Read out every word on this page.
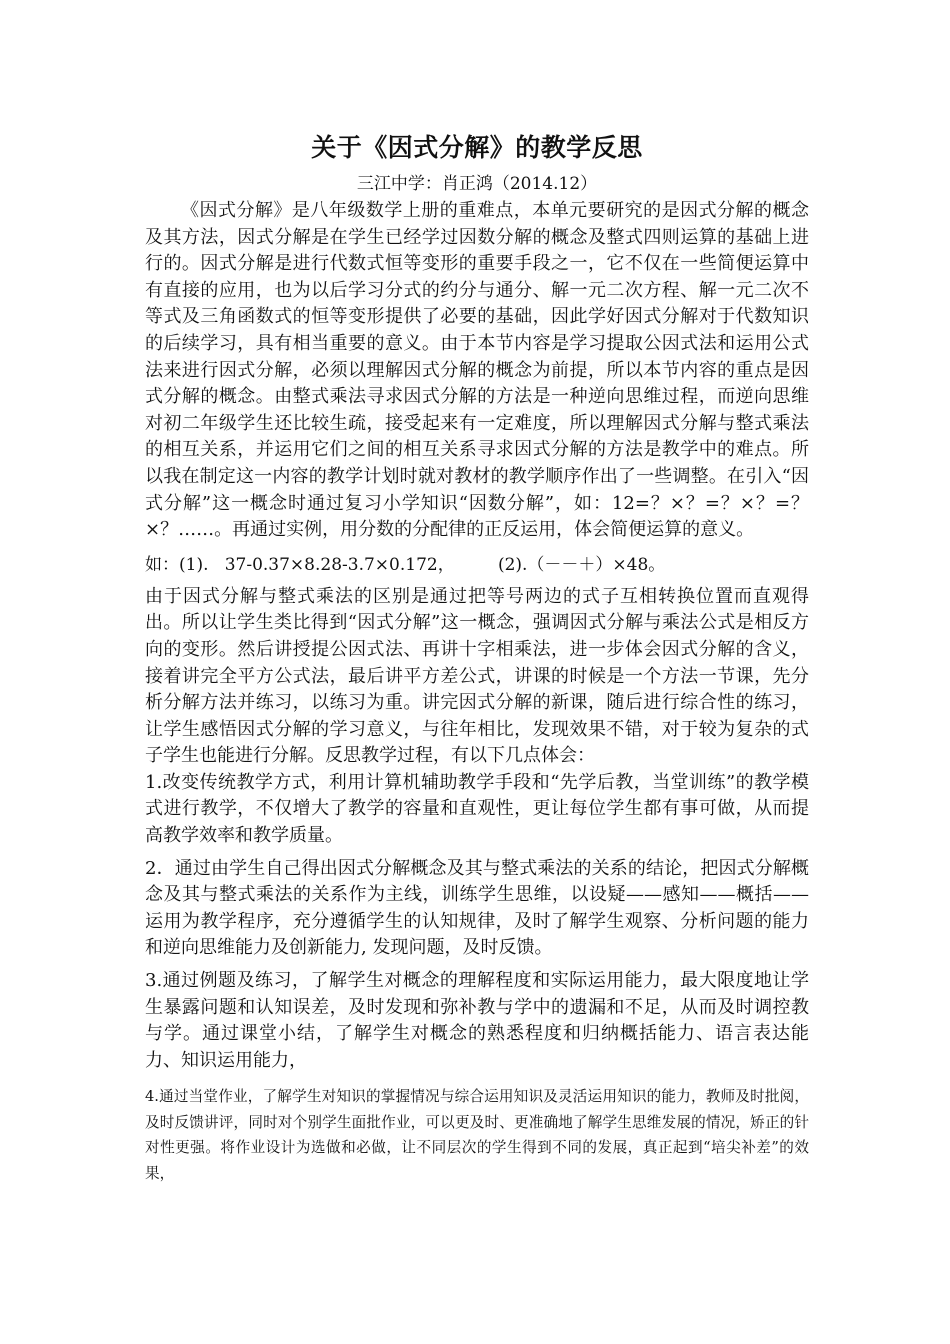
关于《因式分解》的教学反思

三江中学：肖正鸿（2014.12）

《因式分解》是八年级数学上册的重难点，本单元要研究的是因式分解的概念及其方法，因式分解是在学生已经学过因数分解的概念及整式四则运算的基础上进行的。因式分解是进行代数式恒等变形的重要手段之一，它不仅在一些简便运算中有直接的应用，也为以后学习分式的约分与通分、解一元二次方程、解一元二次不等式及三角函数式的恒等变形提供了必要的基础，因此学好因式分解对于代数知识的后续学习，具有相当重要的意义。由于本节内容是学习提取公因式法和运用公式法来进行因式分解，必须以理解因式分解的概念为前提，所以本节内容的重点是因式分解的概念。由整式乘法寻求因式分解的方法是一种逆向思维过程，而逆向思维对初二年级学生还比较生疏，接受起来有一定难度，所以理解因式分解与整式乘法的相互关系，并运用它们之间的相互关系寻求因式分解的方法是教学中的难点。所以我在制定这一内容的教学计划时就对教材的教学顺序作出了一些调整。在引入“因式分解”这一概念时通过复习小学知识“因数分解”，如：12=？×？=？×？=？×？……。再通过实例，用分数的分配律的正反运用，体会简便运算的意义。

如：(1).   37-0.37×8.28-3.7×0.172，        (2).（－－＋）×48。

由于因式分解与整式乘法的区别是通过把等号两边的式子互相转换位置而直观得出。所以让学生类比得到“因式分解”这一概念，强调因式分解与乘法公式是相反方向的变形。然后讲授提公因式法、再讲十字相乘法，进一步体会因式分解的含义，接着讲完全平方公式法，最后讲平方差公式，讲课的时候是一个方法一节课，先分析分解方法并练习，以练习为重。讲完因式分解的新课，随后进行综合性的练习，让学生感悟因式分解的学习意义，与往年相比，发现效果不错，对于较为复杂的式子学生也能进行分解。反思教学过程，有以下几点体会：

1.改变传统教学方式，利用计算机辅助教学手段和“先学后教，当堂训练”的教学模式进行教学，不仅增大了教学的容量和直观性，更让每位学生都有事可做，从而提高教学效率和教学质量。

2．通过由学生自己得出因式分解概念及其与整式乘法的关系的结论，把因式分解概念及其与整式乘法的关系作为主线，训练学生思维，以设疑——感知——概括——运用为教学程序，充分遵循学生的认知规律，及时了解学生观察、分析问题的能力和逆向思维能力及创新能力, 发现问题，及时反馈。

3.通过例题及练习，了解学生对概念的理解程度和实际运用能力，最大限度地让学生暴露问题和认知误差，及时发现和弥补教与学中的遗漏和不足，从而及时调控教与学。通过课堂小结，了解学生对概念的熟悉程度和归纳概括能力、语言表达能力、知识运用能力，

4.通过当堂作业，了解学生对知识的掌握情况与综合运用知识及灵活运用知识的能力，教师及时批阅，及时反馈讲评，同时对个别学生面批作业，可以更及时、更准确地了解学生思维发展的情况，矫正的针对性更强。将作业设计为选做和必做，让不同层次的学生得到不同的发展，真正起到“培尖补差”的效果，
